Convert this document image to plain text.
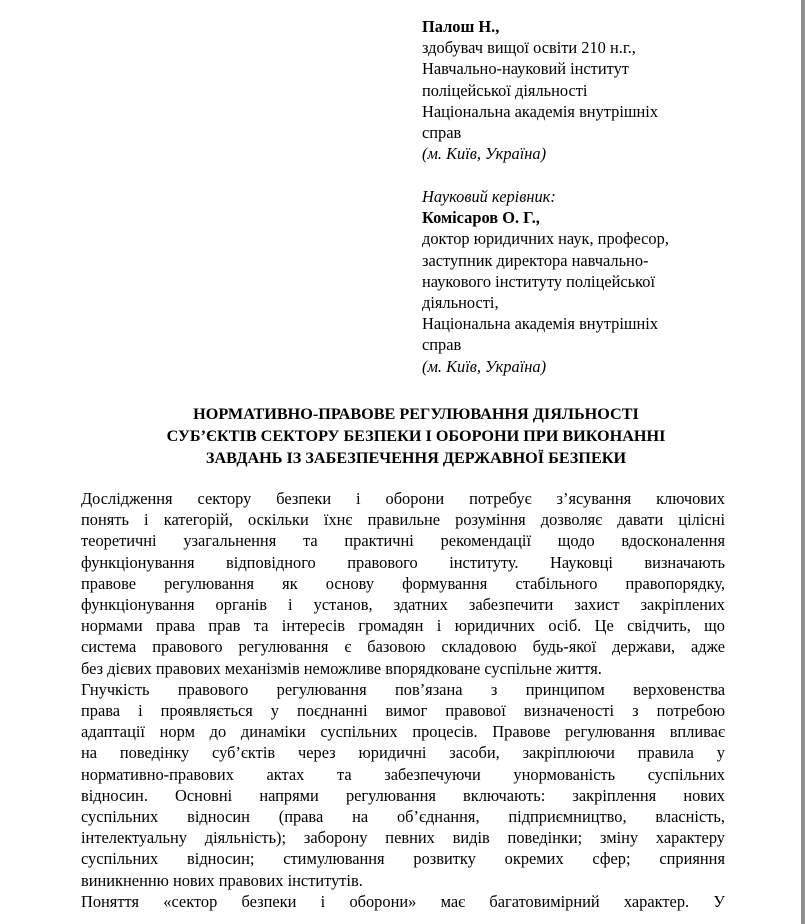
Палош Н.,

здобувач вищої освіти 210 н.г.,

Навчально-науковий інститут

поліцейської діяльності

Національна академія внутрішніх

справ

(м. Київ, Україна)

Науковий керівник:

Комісаров О. Г.,

доктор юридичних наук, професор,

заступник директора навчально-

наукового інституту поліцейської

діяльності,

Національна академія внутрішніх

справ

(м. Київ, Україна)

НОРМАТИВНО-ПРАВОВЕ РЕГУЛЮВАННЯ ДІЯЛЬНОСТІ
СУБ’ЄКТІВ СЕКТОРУ БЕЗПЕКИ І ОБОРОНИ ПРИ ВИКОНАННІ
ЗАВДАНЬ ІЗ ЗАБЕЗПЕЧЕННЯ ДЕРЖАВНОЇ БЕЗПЕКИ
Дослідження сектору безпеки і оборони потребує з’ясування ключових
понять і категорій, оскільки їхнє правильне розуміння дозволяє давати цілісні
теоретичні узагальнення та практичні рекомендації щодо вдосконалення
функціонування відповідного правового інституту. Науковці визначають
правове регулювання як основу формування стабільного правопорядку,
функціонування органів і установ, здатних забезпечити захист закріплених
нормами права прав та інтересів громадян і юридичних осіб. Це свідчить, що
система правового регулювання є базовою складовою будь-якої держави, адже
без дієвих правових механізмів неможливе впорядковане суспільне життя.
Гнучкість правового регулювання пов’язана з принципом верховенства
права і проявляється у поєднанні вимог правової визначеності з потребою
адаптації норм до динаміки суспільних процесів. Правове регулювання впливає
на поведінку суб’єктів через юридичні засоби, закріплюючи правила у
нормативно-правових актах та забезпечуючи унормованість суспільних
відносин. Основні напрями регулювання включають: закріплення нових
суспільних відносин (права на об’єднання, підприємництво, власність,
інтелектуальну діяльність); заборону певних видів поведінки; зміну характеру
суспільних відносин; стимулювання розвитку окремих сфер; сприяння
виникненню нових правових інститутів.
Поняття «сектор безпеки і оборони» має багатовимірний характер. У
